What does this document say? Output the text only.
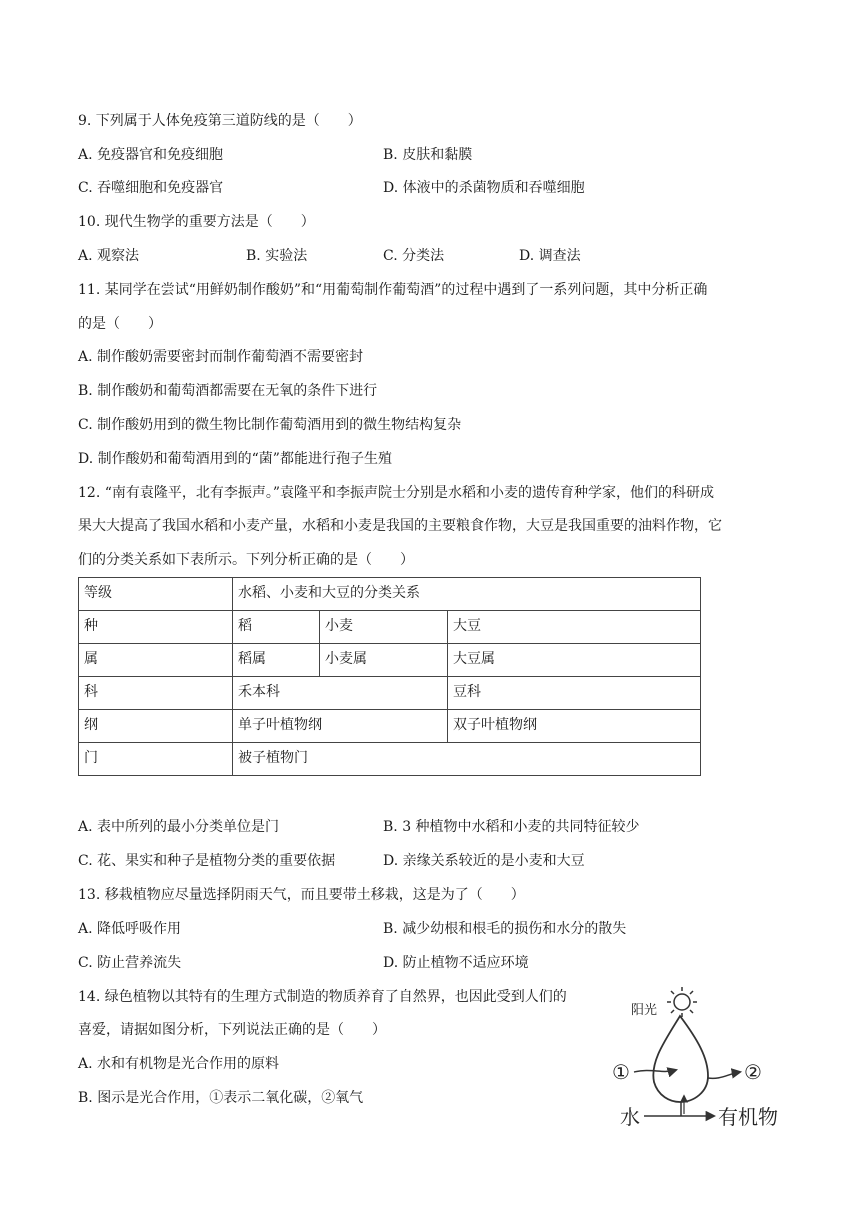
9. 下列属于人体免疫第三道防线的是（　　）
A. 免疫器官和免疫细胞	B. 皮肤和黏膜
C. 吞噬细胞和免疫器官	D. 体液中的杀菌物质和吞噬细胞
10. 现代生物学的重要方法是（　　）
A. 观察法	B. 实验法	C. 分类法	D. 调查法
11. 某同学在尝试“用鲜奶制作酸奶”和“用葡萄制作葡萄酒”的过程中遇到了一系列问题，其中分析正确
的是（　　）
A. 制作酸奶需要密封而制作葡萄酒不需要密封
B. 制作酸奶和葡萄酒都需要在无氧的条件下进行
C. 制作酸奶用到的微生物比制作葡萄酒用到的微生物结构复杂
D. 制作酸奶和葡萄酒用到的“菌”都能进行孢子生殖
12. “南有袁隆平，北有李振声。”袁隆平和李振声院士分别是水稻和小麦的遗传育种学家，他们的科研成
果大大提高了我国水稻和小麦产量，水稻和小麦是我国的主要粮食作物，大豆是我国重要的油料作物，它
们的分类关系如下表所示。下列分析正确的是（　　）
等级	水稻、小麦和大豆的分类关系		
种	稻	小麦	大豆
属	稻属	小麦属	大豆属
科	禾本科		豆科
纲	单子叶植物纲		双子叶植物纲
门	被子植物门		
A. 表中所列的最小分类单位是门	B. 3 种植物中水稻和小麦的共同特征较少
C. 花、果实和种子是植物分类的重要依据	D. 亲缘关系较近的是小麦和大豆
13. 移栽植物应尽量选择阴雨天气，而且要带土移栽，这是为了（　　）
A. 降低呼吸作用	B. 减少幼根和根毛的损伤和水分的散失
C. 防止营养流失	D. 防止植物不适应环境
14. 绿色植物以其特有的生理方式制造的物质养育了自然界，也因此受到人们的
喜爱，请据如图分析，下列说法正确的是（　　）
A. 水和有机物是光合作用的原料
B. 图示是光合作用，①表示二氧化碳，②氧气
阳光
①	②
水	有机物
